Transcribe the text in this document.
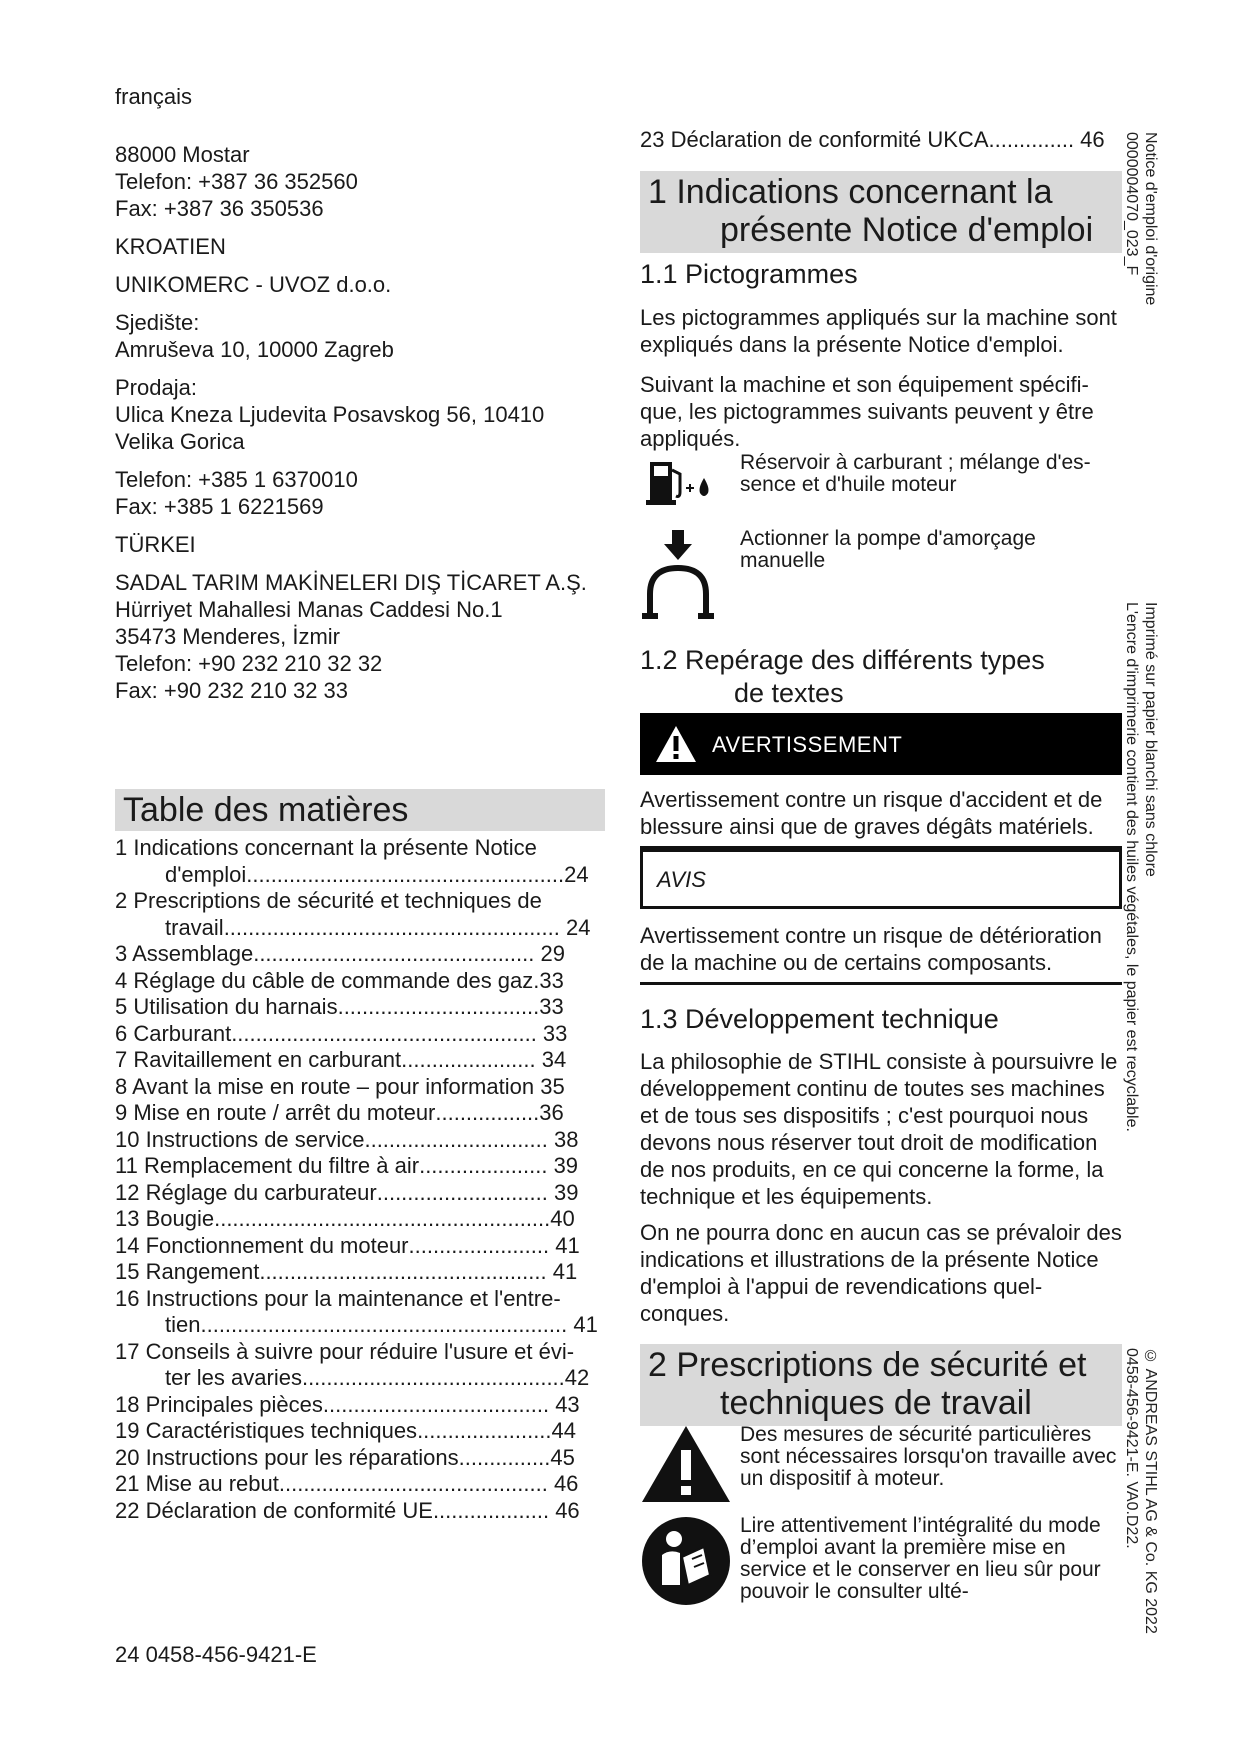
français

88000 Mostar
Telefon: +387 36 352560
Fax: +387 36 350536

KROATIEN

UNIKOMERC - UVOZ d.o.o.

Sjedište:
Amruševa 10, 10000 Zagreb

Prodaja:
Ulica Kneza Ljudevita Posavskog 56, 10410
Velika Gorica

Telefon: +385 1 6370010
Fax: +385 1 6221569

TÜRKEI

SADAL TARIM MAKİNELERI DIŞ TİCARET A.Ş.
Hürriyet Mahallesi Manas Caddesi No.1
35473 Menderes, İzmir
Telefon: +90 232 210 32 32
Fax: +90 232 210 32 33

Table des matières
1 Indications concernant la présente Notice
d'emploi....................................................24
2 Prescriptions de sécurité et techniques de
travail....................................................... 24
3 Assemblage.............................................. 29
4 Réglage du câble de commande des gaz.33
5 Utilisation du harnais.................................33
6 Carburant.................................................. 33
7 Ravitaillement en carburant...................... 34
8 Avant la mise en route – pour information 35
9 Mise en route / arrêt du moteur.................36
10 Instructions de service.............................. 38
11 Remplacement du filtre à air..................... 39
12 Réglage du carburateur............................ 39
13 Bougie.......................................................40
14 Fonctionnement du moteur....................... 41
15 Rangement............................................... 41
16 Instructions pour la maintenance et l'entre-
tien............................................................ 41
17 Conseils à suivre pour réduire l'usure et évi-
ter les avaries...........................................42
18 Principales pièces..................................... 43
19 Caractéristiques techniques......................44
20 Instructions pour les réparations...............45
21 Mise au rebut............................................ 46
22 Déclaration de conformité UE................... 46
24 0458-456-9421-E
23 Déclaration de conformité UKCA.............. 46
1 Indications concernant la
présente Notice d'emploi
1.1 Pictogrammes
Les pictogrammes appliqués sur la machine sont expliqués dans la présente Notice d'emploi.
Suivant la machine et son équipement spécifi-que, les pictogrammes suivants peuvent y être appliqués.
Réservoir à carburant ; mélange d'es-sence et d'huile moteur
Actionner la pompe d'amorçage manuelle
1.2 Repérage des différents types
de textes
AVERTISSEMENT
Avertissement contre un risque d'accident et de blessure ainsi que de graves dégâts matériels.
AVIS
Avertissement contre un risque de détérioration de la machine ou de certains composants.
1.3 Développement technique
La philosophie de STIHL consiste à poursuivre le développement continu de toutes ses machines et de tous ses dispositifs ; c'est pourquoi nous devons nous réserver tout droit de modification de nos produits, en ce qui concerne la forme, la technique et les équipements.
On ne pourra donc en aucun cas se prévaloir des indications et illustrations de la présente Notice d'emploi à l'appui de revendications quel-conques.
2 Prescriptions de sécurité et
techniques de travail
Des mesures de sécurité particulières sont nécessaires lorsqu'on travaille avec un dispositif à moteur.
Lire attentivement l’intégralité du mode d’emploi avant la première mise en service et le conserver en lieu sûr pour pouvoir le consulter ulté-
Notice d'emploi d'origine
0000004070_023_F
Imprimé sur papier blanchi sans chlore
L'encre d'imprimerie contient des huiles végétales, le papier est recyclable.
© ANDREAS STIHL AG & Co. KG 2022
0458-456-9421-E. VA0.D22.
